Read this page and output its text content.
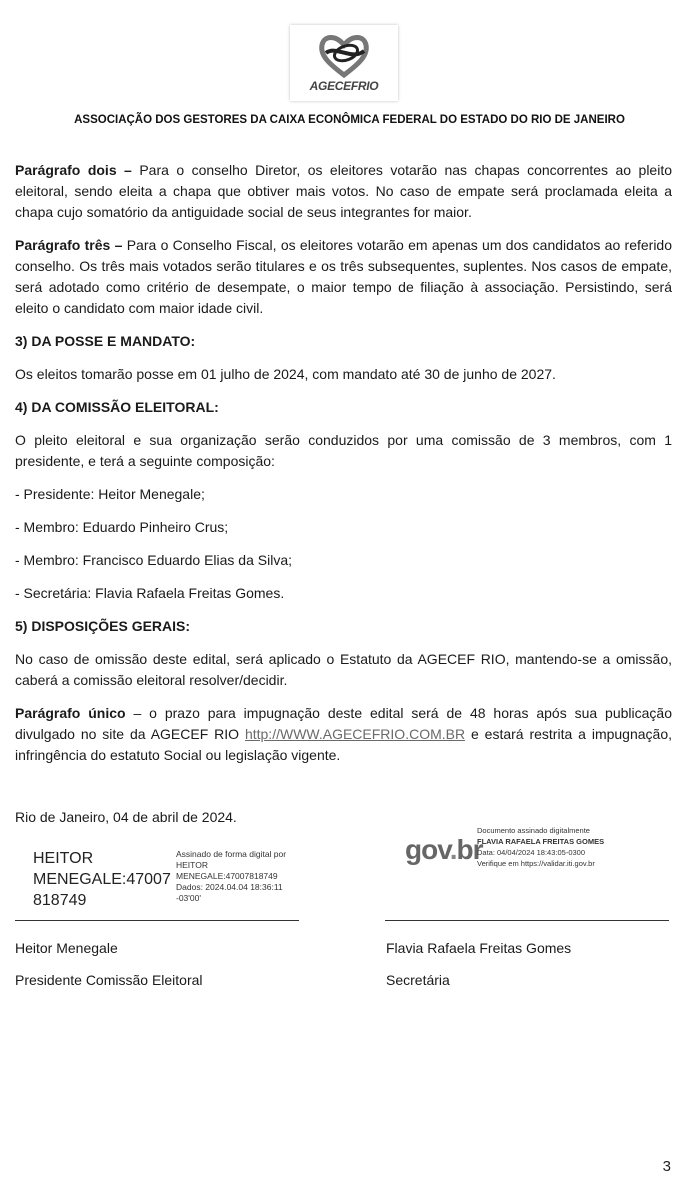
AGECEFRIO
ASSOCIAÇÃO DOS GESTORES DA CAIXA ECONÔMICA FEDERAL DO ESTADO DO RIO DE JANEIRO

Parágrafo dois – Para o conselho Diretor, os eleitores votarão nas chapas concorrentes ao pleito eleitoral, sendo eleita a chapa que obtiver mais votos. No caso de empate será proclamada eleita a chapa cujo somatório da antiguidade social de seus integrantes for maior.

Parágrafo três – Para o Conselho Fiscal, os eleitores votarão em apenas um dos candidatos ao referido conselho. Os três mais votados serão titulares e os três subsequentes, suplentes. Nos casos de empate, será adotado como critério de desempate, o maior tempo de filiação à associação. Persistindo, será eleito o candidato com maior idade civil.

3) DA POSSE E MANDATO:

Os eleitos tomarão posse em 01 julho de 2024, com mandato até 30 de junho de 2027.

4) DA COMISSÃO ELEITORAL:

O pleito eleitoral e sua organização serão conduzidos por uma comissão de 3 membros, com 1 presidente, e terá a seguinte composição:

- Presidente: Heitor Menegale;

- Membro: Eduardo Pinheiro Crus;

- Membro: Francisco Eduardo Elias da Silva;

- Secretária: Flavia Rafaela Freitas Gomes.

5) DISPOSIÇÕES GERAIS:

No caso de omissão deste edital, será aplicado o Estatuto da AGECEF RIO, mantendo-se a omissão, caberá a comissão eleitoral resolver/decidir.

Parágrafo único – o prazo para impugnação deste edital será de 48 horas após sua publicação divulgado no site da AGECEF RIO http://WWW.AGECEFRIO.COM.BR e estará restrita a impugnação, infringência do estatuto Social ou legislação vigente.

Rio de Janeiro, 04 de abril de 2024.
HEITOR
MENEGALE:47007
818749
Assinado de forma digital por
HEITOR
MENEGALE:47007818749
Dados: 2024.04.04 18:36:11
-03'00'
gov.br
Documento assinado digitalmente
FLAVIA RAFAELA FREITAS GOMES
Data: 04/04/2024 18:43:05-0300
Verifique em https://validar.iti.gov.br
Heitor Menegale
Presidente Comissão Eleitoral
Flavia Rafaela Freitas Gomes
Secretária
3
